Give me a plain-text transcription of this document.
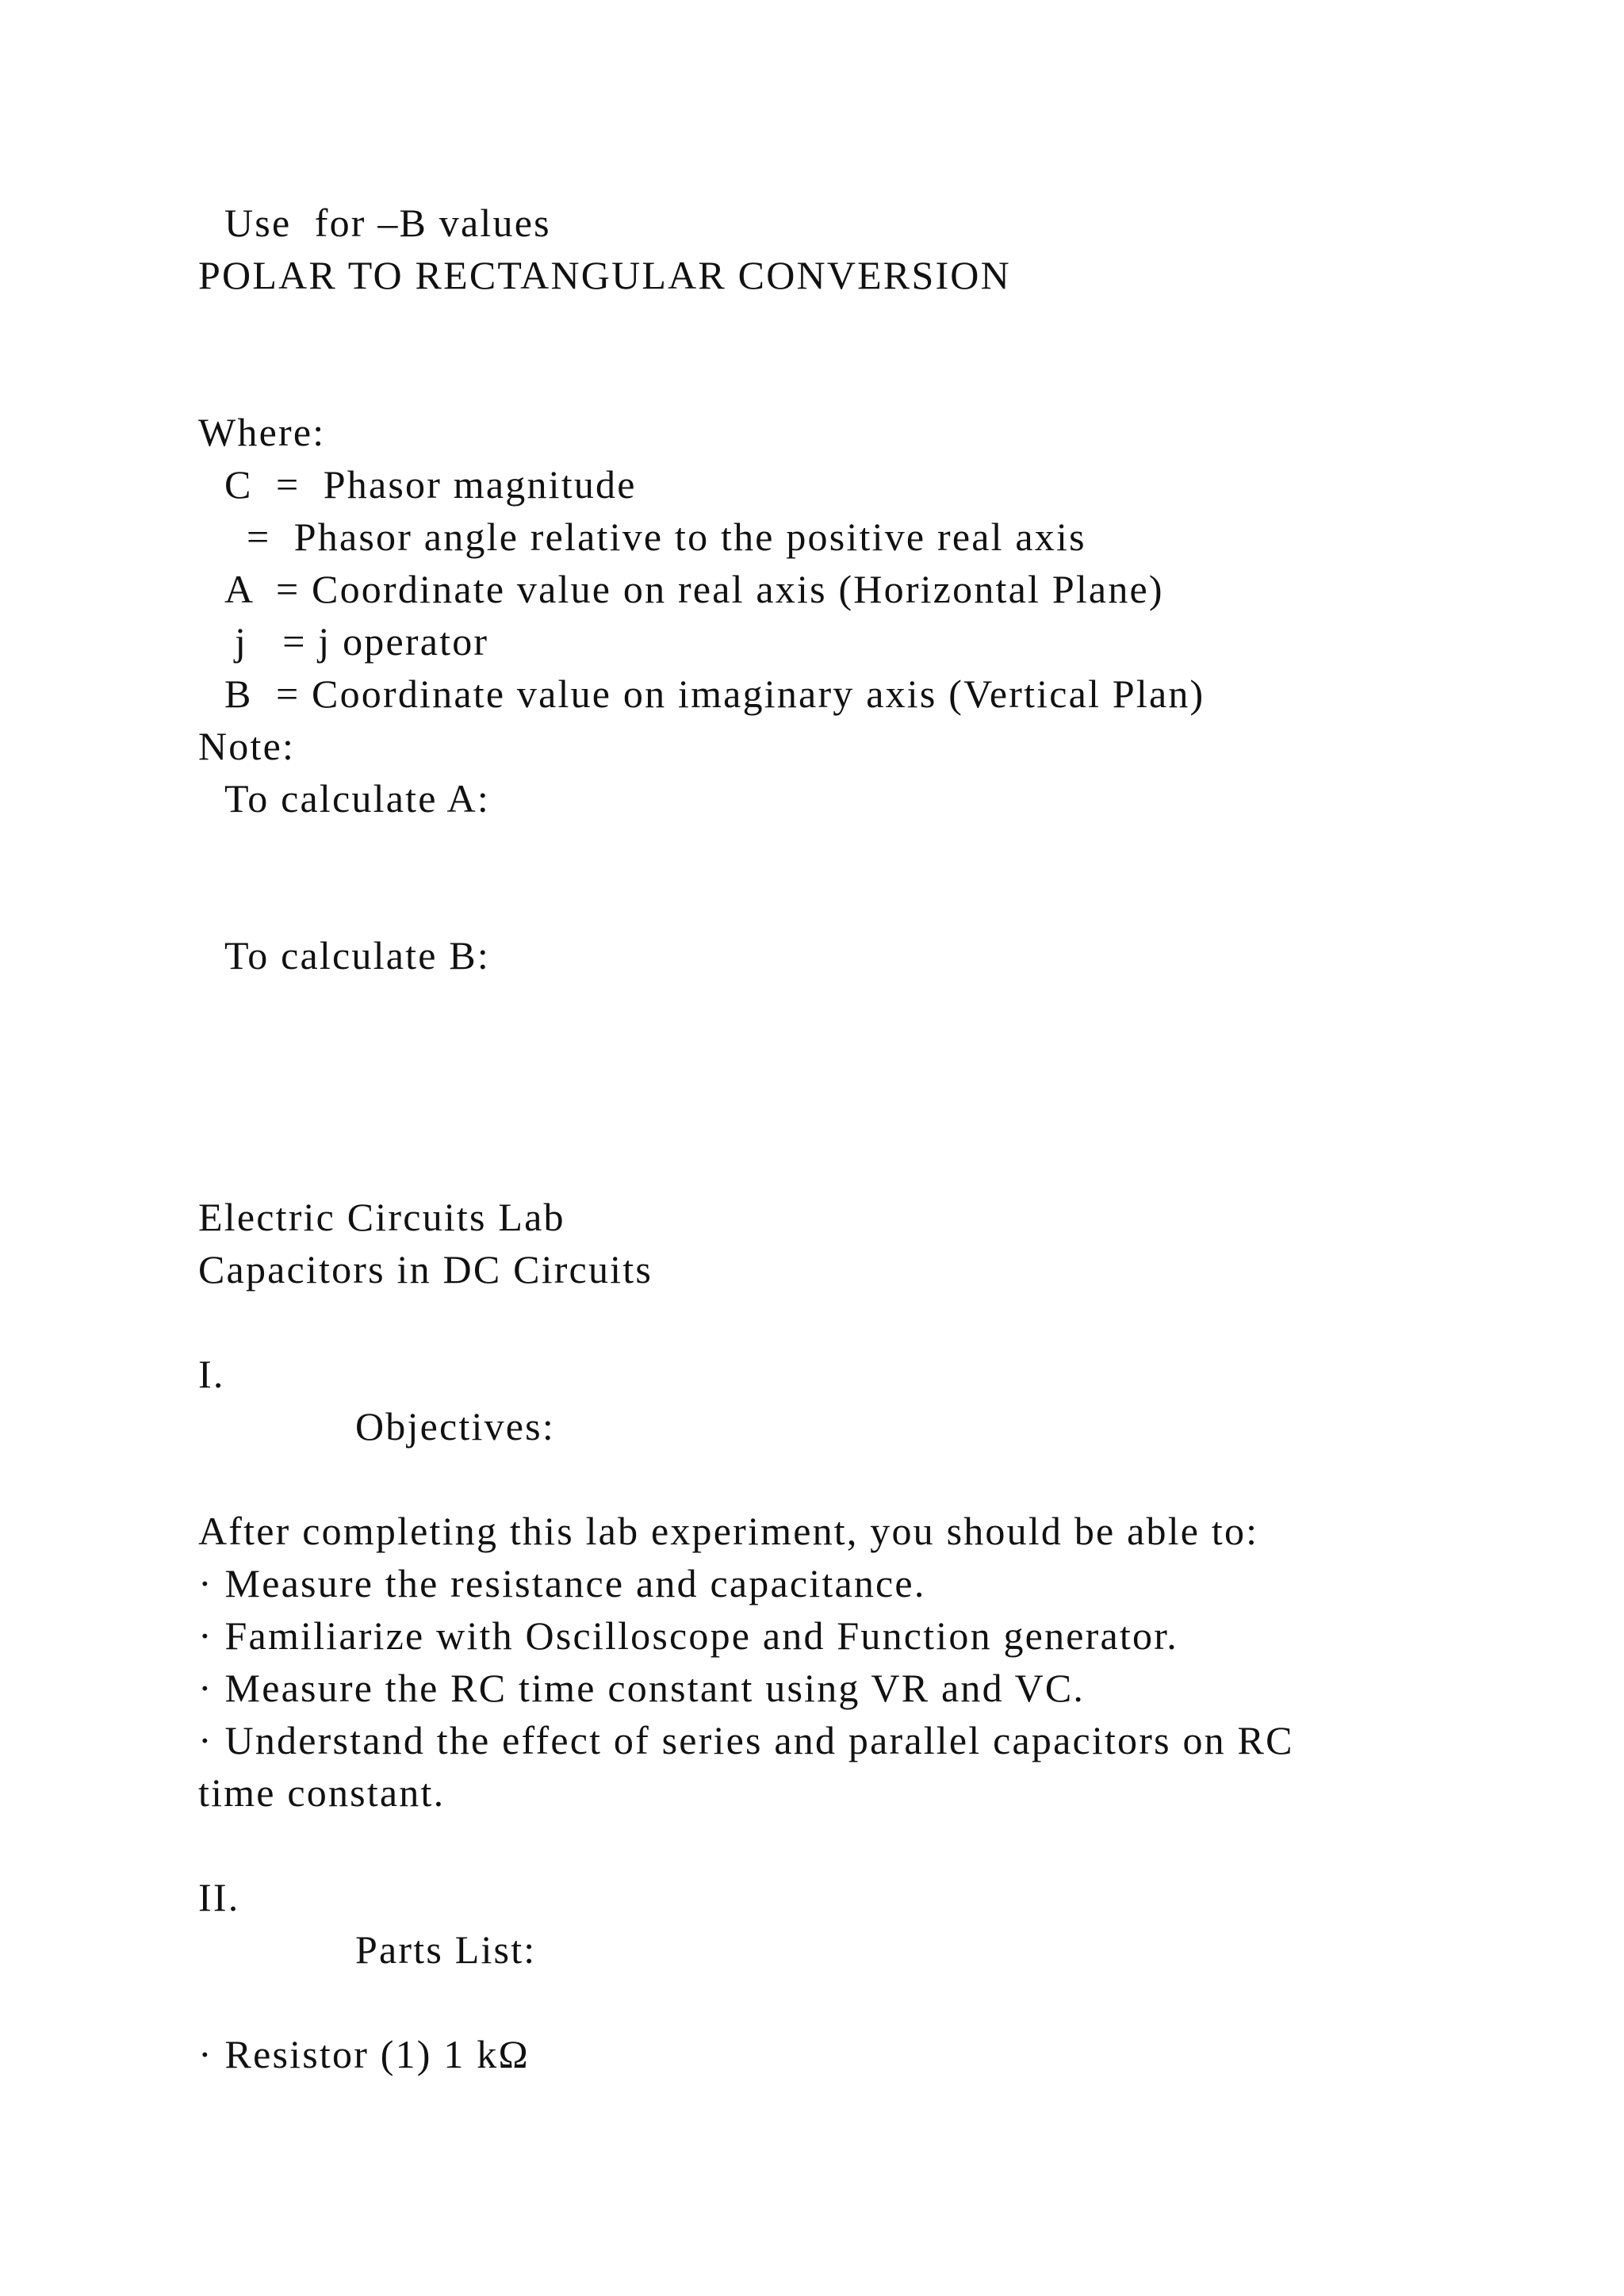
Use  for –B values
POLAR TO RECTANGULAR CONVERSION
Where:
C  =  Phasor magnitude
=  Phasor angle relative to the positive real axis
A  = Coordinate value on real axis (Horizontal Plane)
j   = j operator
B  = Coordinate value on imaginary axis (Vertical Plan)
Note:
To calculate A:
To calculate B:
Electric Circuits Lab
Capacitors in DC Circuits
I.
Objectives:
After completing this lab experiment, you should be able to:
· Measure the resistance and capacitance.
· Familiarize with Oscilloscope and Function generator.
· Measure the RC time constant using VR and VC.
· Understand the effect of series and parallel capacitors on RC
time constant.
II.
Parts List:
· Resistor (1) 1 kΩ
